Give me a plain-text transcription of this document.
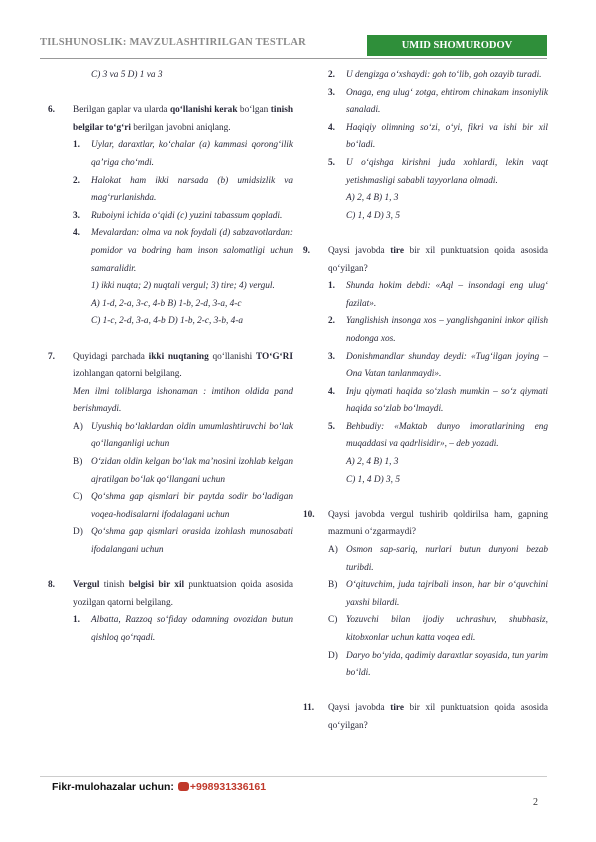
TILSHUNOSLIK: MAVZULASHTIRILGAN TESTLAR	UMID SHOMURODOV
C) 3 va 5 D) 1 va 3
6. Berilgan gaplar va ularda qo‘llanishi kerak bo‘lgan tinish belgilar to‘g‘ri berilgan javobni aniqlang.
1. Uylar, daraxtlar, ko‘chalar (a) kammasi qorong‘ilik qa’riga cho‘mdi.
2. Halokat ham ikki narsada (b) umidsizlik va mag‘rurlanishda.
3. Ruboiyni ichida o‘qidi (c) yuzini tabassum qopladi.
4. Mevalardan: olma va nok foydali (d) sabzavotlardan: pomidor va bodring ham inson salomatligi uchun samaralidir.
1) ikki nuqta; 2) nuqtali vergul; 3) tire; 4) vergul.
A) 1-d, 2-a, 3-c, 4-b B) 1-b, 2-d, 3-a, 4-c
C) 1-c, 2-d, 3-a, 4-b D) 1-b, 2-c, 3-b, 4-a
7. Quyidagi parchada ikki nuqtaning qo‘llanishi TO‘G‘RI izohlangan qatorni belgilang.
Men ilmi toliblarga ishonaman : imtihon oldida pand berishmaydi.
A) Uyushiq bo‘laklardan oldin umumlashtiruvchi bo‘lak qo‘llanganligi uchun
B) O‘zidan oldin kelgan bo‘lak ma’nosini izohlab kelgan ajratilgan bo‘lak qo‘llangani uchun
C) Qo‘shma gap qismlari bir paytda sodir bo‘ladigan voqea-hodisalarni ifodalagani uchun
D) Qo‘shma gap qismlari orasida izohlash munosabati ifodalangani uchun
8. Vergul tinish belgisi bir xil punktuatsion qoida asosida yozilgan qatorni belgilang.
1. Albatta, Razzoq so‘fiday odamning ovozidan butun qishloq qo‘rqadi.
2. U dengizga o‘xshaydi: goh to‘lib, goh ozayib turadi.
3. Onaga, eng ulug‘ zotga, ehtirom chinakam insoniylik sanaladi.
4. Haqiqiy olimning so‘zi, o‘yi, fikri va ishi bir xil bo‘ladi.
5. U o‘qishga kirishni juda xohlardi, lekin vaqt yetishmasligi sababli tayyorlana olmadi.
A) 2, 4 B) 1, 3
C) 1, 4 D) 3, 5
9. Qaysi javobda tire bir xil punktuatsion qoida asosida qo‘yilgan?
1. Shunda hokim debdi: «Aql – insondagi eng ulug‘ fazilat».
2. Yanglishish insonga xos – yanglishganini inkor qilish nodonga xos.
3. Donishmandlar shunday deydi: «Tug‘ilgan joying – Ona Vatan tanlanmaydi».
4. Inju qiymati haqida so‘zlash mumkin – so‘z qiymati haqida so‘zlab bo‘lmaydi.
5. Behbudiy: «Maktab dunyo imoratlarining eng muqaddasi va qadrlisidir», – deb yozadi.
A) 2, 4 B) 1, 3
C) 1, 4 D) 3, 5
10. Qaysi javobda vergul tushirib qoldirilsa ham, gapning mazmuni o‘zgarmaydi?
A) Osmon sap-sariq, nurlari butun dunyoni bezab turibdi.
B) O‘qituvchim, juda tajribali inson, har bir o‘quvchini yaxshi bilardi.
C) Yozuvchi bilan ijodiy uchrashuv, shubhasiz, kitobxonlar uchun katta voqea edi.
D) Daryo bo‘yida, qadimiy daraxtlar soyasida, tun yarim bo‘ldi.
11. Qaysi javobda tire bir xil punktuatsion qoida asosida qo‘yilgan?
Fikr-mulohazalar uchun: +998931336161
2
